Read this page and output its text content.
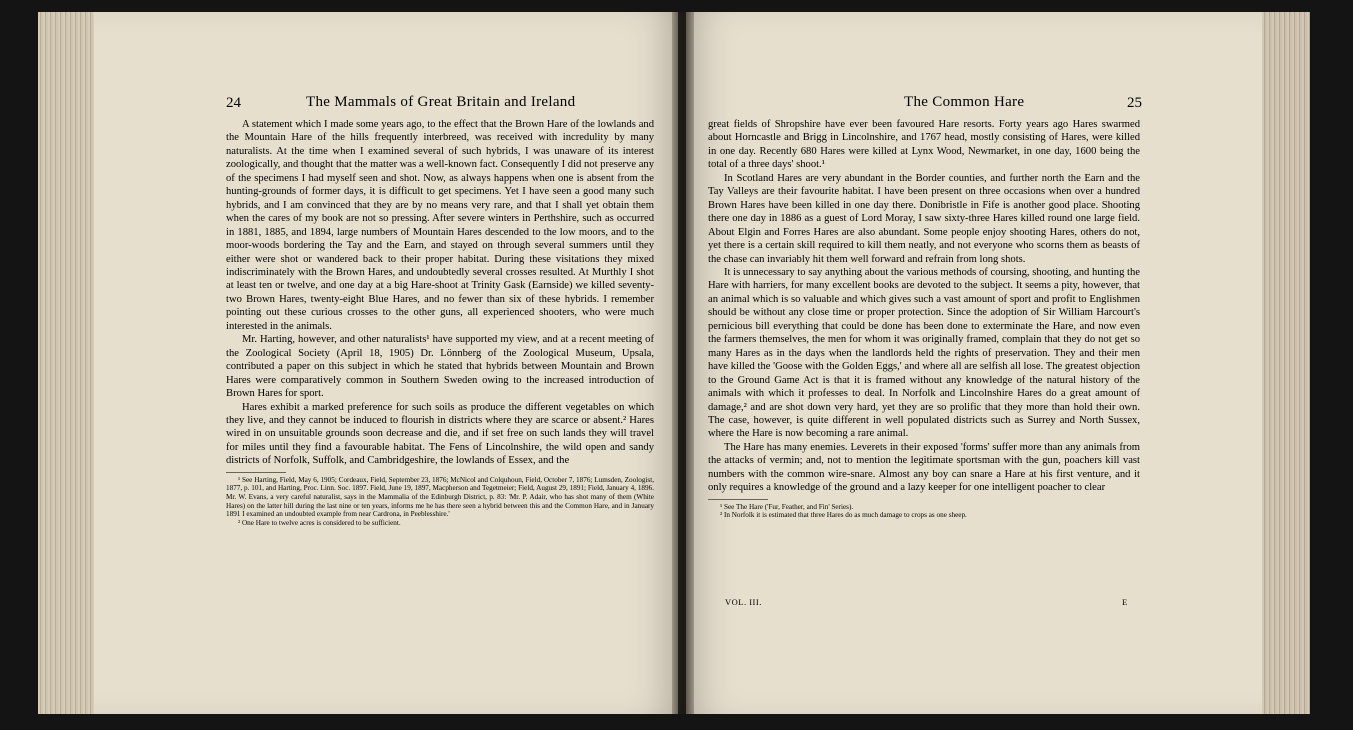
24	The Mammals of Great Britain and Ireland

A statement which I made some years ago, to the effect that the Brown Hare of the lowlands and the Mountain Hare of the hills frequently interbreed, was received with incredulity by many naturalists. At the time when I examined several of such hybrids, I was unaware of its interest zoologically, and thought that the matter was a well-known fact. Consequently I did not preserve any of the specimens I had myself seen and shot. Now, as always happens when one is absent from the hunting-grounds of former days, it is difficult to get specimens. Yet I have seen a good many such hybrids, and I am convinced that they are by no means very rare, and that I shall yet obtain them when the cares of my book are not so pressing. After severe winters in Perthshire, such as occurred in 1881, 1885, and 1894, large numbers of Mountain Hares descended to the low moors, and to the moor-woods bordering the Tay and the Earn, and stayed on through several summers until they either were shot or wandered back to their proper habitat. During these visitations they mixed indiscriminately with the Brown Hares, and undoubtedly several crosses resulted. At Murthly I shot at least ten or twelve, and one day at a big Hare-shoot at Trinity Gask (Earnside) we killed seventy-two Brown Hares, twenty-eight Blue Hares, and no fewer than six of these hybrids. I remember pointing out these curious crosses to the other guns, all experienced shooters, who were much interested in the animals.

Mr. Harting, however, and other naturalists¹ have supported my view, and at a recent meeting of the Zoological Society (April 18, 1905) Dr. Lönnberg of the Zoological Museum, Upsala, contributed a paper on this subject in which he stated that hybrids between Mountain and Brown Hares were comparatively common in Southern Sweden owing to the increased introduction of Brown Hares for sport.

Hares exhibit a marked preference for such soils as produce the different vegetables on which they live, and they cannot be induced to flourish in districts where they are scarce or absent.² Hares wired in on unsuitable grounds soon decrease and die, and if set free on such lands they will travel for miles until they find a favourable habitat. The Fens of Lincolnshire, the wild open and sandy districts of Norfolk, Suffolk, and Cambridgeshire, the lowlands of Essex, and the

¹ See Harting, Field, May 6, 1905; Cordeaux, Field, September 23, 1876; McNicol and Colquhoun, Field, October 7, 1876; Lumsden, Zoologist, 1877, p. 101, and Harting, Proc. Linn. Soc. 1897. Field, June 19, 1897, Macpherson and Tegetmeier; Field, August 29, 1891; Field, January 4, 1896. Mr. W. Evans, a very careful naturalist, says in the Mammalia of the Edinburgh District, p. 83: 'Mr. P. Adair, who has shot many of them (White Hares) on the latter hill during the last nine or ten years, informs me he has there seen a hybrid between this and the Common Hare, and in January 1891 I examined an undoubted example from near Cardrona, in Peeblesshire.'

² One Hare to twelve acres is considered to be sufficient.

The Common Hare	25

great fields of Shropshire have ever been favoured Hare resorts. Forty years ago Hares swarmed about Horncastle and Brigg in Lincolnshire, and 1767 head, mostly consisting of Hares, were killed in one day. Recently 680 Hares were killed at Lynx Wood, Newmarket, in one day, 1600 being the total of a three days' shoot.¹

In Scotland Hares are very abundant in the Border counties, and further north the Earn and the Tay Valleys are their favourite habitat. I have been present on three occasions when over a hundred Brown Hares have been killed in one day there. Donibristle in Fife is another good place. Shooting there one day in 1886 as a guest of Lord Moray, I saw sixty-three Hares killed round one large field. About Elgin and Forres Hares are also abundant. Some people enjoy shooting Hares, others do not, yet there is a certain skill required to kill them neatly, and not everyone who scorns them as beasts of the chase can invariably hit them well forward and refrain from long shots.

It is unnecessary to say anything about the various methods of coursing, shooting, and hunting the Hare with harriers, for many excellent books are devoted to the subject. It seems a pity, however, that an animal which is so valuable and which gives such a vast amount of sport and profit to Englishmen should be without any close time or proper protection. Since the adoption of Sir William Harcourt's pernicious bill everything that could be done has been done to exterminate the Hare, and now even the farmers themselves, the men for whom it was originally framed, complain that they do not get so many Hares as in the days when the landlords held the rights of preservation. They and their men have killed the 'Goose with the Golden Eggs,' and where all are selfish all lose. The greatest objection to the Ground Game Act is that it is framed without any knowledge of the natural history of the animals with which it professes to deal. In Norfolk and Lincolnshire Hares do a great amount of damage,² and are shot down very hard, yet they are so prolific that they more than hold their own. The case, however, is quite different in well populated districts such as Surrey and North Sussex, where the Hare is now becoming a rare animal.

The Hare has many enemies. Leverets in their exposed 'forms' suffer more than any animals from the attacks of vermin; and, not to mention the legitimate sportsman with the gun, poachers kill vast numbers with the common wire-snare. Almost any boy can snare a Hare at his first venture, and it only requires a knowledge of the ground and a lazy keeper for one intelligent poacher to clear

¹ See The Hare ('Fur, Feather, and Fin' Series).

² In Norfolk it is estimated that three Hares do as much damage to crops as one sheep.

VOL. III.	E
